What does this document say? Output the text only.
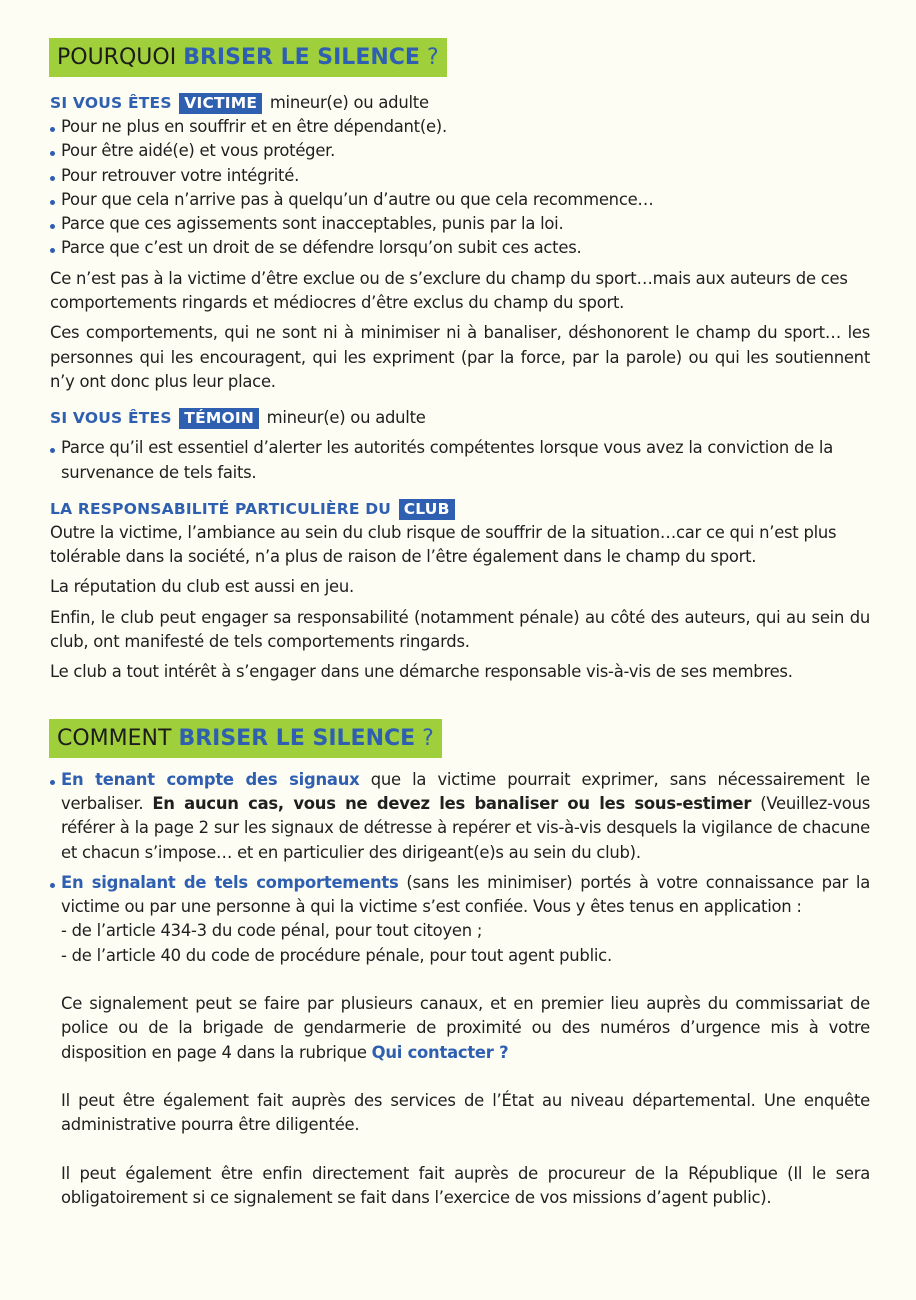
POURQUOI BRISER LE SILENCE ?
SI VOUS ÊTES VICTIME mineur(e) ou adulte
Pour ne plus en souffrir et en être dépendant(e).
Pour être aidé(e) et vous protéger.
Pour retrouver votre intégrité.
Pour que cela n’arrive pas à quelqu’un d’autre ou que cela recommence…
Parce que ces agissements sont inacceptables, punis par la loi.
Parce que c’est un droit de se défendre lorsqu’on subit ces actes.

Ce n’est pas à la victime d’être exclue ou de s’exclure du champ du sport…mais aux auteurs de ces comportements ringards et médiocres d’être exclus du champ du sport.

Ces comportements, qui ne sont ni à minimiser ni à banaliser, déshonorent le champ du sport… les personnes qui les encouragent, qui les expriment (par la force, par la parole) ou qui les soutiennent n’y ont donc plus leur place.

SI VOUS ÊTES TÉMOIN mineur(e) ou adulte
Parce qu’il est essentiel d’alerter les autorités compétentes lorsque vous avez la conviction de la survenance de tels faits.
LA RESPONSABILITÉ PARTICULIÈRE DU CLUB

Outre la victime, l’ambiance au sein du club risque de souffrir de la situation…car ce qui n’est plus tolérable dans la société, n’a plus de raison de l’être également dans le champ du sport.

La réputation du club est aussi en jeu.

Enfin, le club peut engager sa responsabilité (notamment pénale) au côté des auteurs, qui au sein du club, ont manifesté de tels comportements ringards.

Le club a tout intérêt à s’engager dans une démarche responsable vis-à-vis de ses membres.

COMMENT BRISER LE SILENCE ?
En tenant compte des signaux que la victime pourrait exprimer, sans nécessairement le verbaliser. En aucun cas, vous ne devez les banaliser ou les sous-estimer (Veuillez-vous référer à la page 2 sur les signaux de détresse à repérer et vis-à-vis desquels la vigilance de chacune et chacun s’impose… et en particulier des dirigeant(e)s au sein du club).
En signalant de tels comportements (sans les minimiser) portés à votre connaissance par la victime ou par une personne à qui la victime s’est confiée. Vous y êtes tenus en application :

- de l’article 434-3 du code pénal, pour tout citoyen ;

- de l’article 40 du code de procédure pénale, pour tout agent public.

Ce signalement peut se faire par plusieurs canaux, et en premier lieu auprès du commissariat de police ou de la brigade de gendarmerie de proximité ou des numéros d’urgence mis à votre disposition en page 4 dans la rubrique Qui contacter ?

Il peut être également fait auprès des services de l’État au niveau départemental. Une enquête administrative pourra être diligentée.

Il peut également être enfin directement fait auprès de procureur de la République (Il le sera obligatoirement si ce signalement se fait dans l’exercice de vos missions d’agent public).
